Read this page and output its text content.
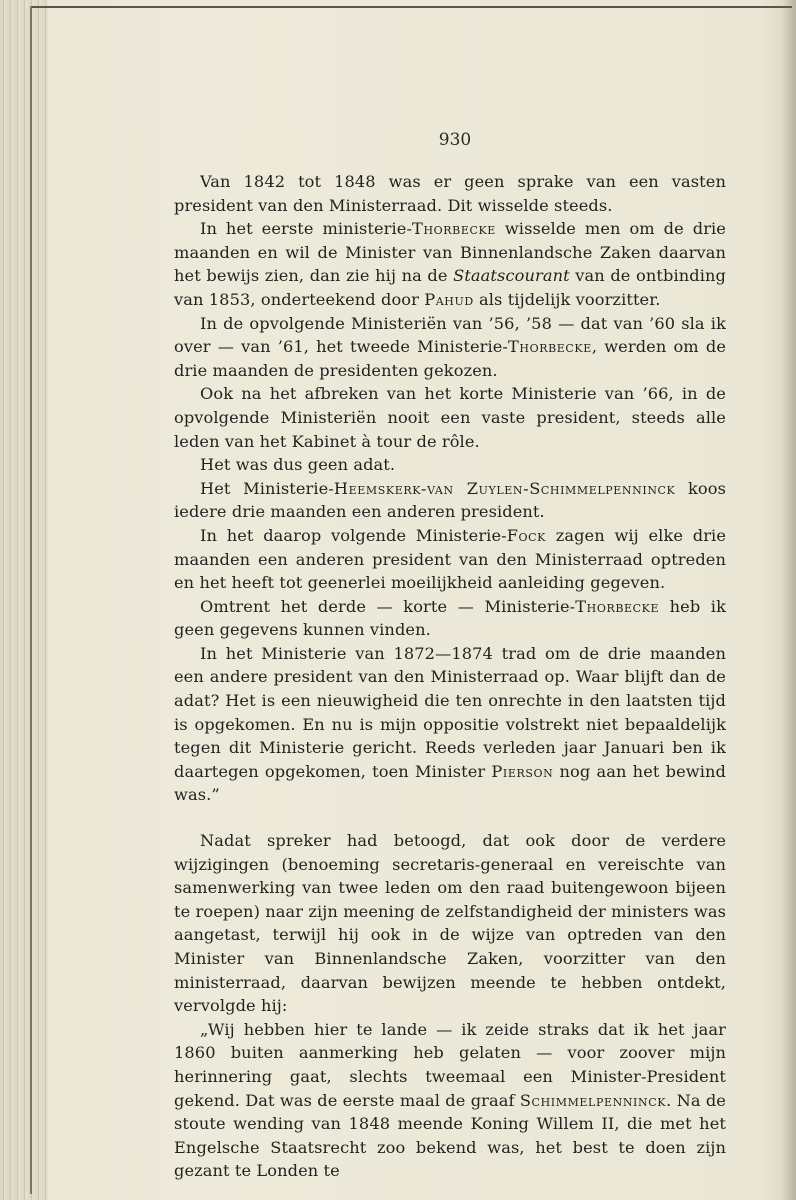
930

Van 1842 tot 1848 was er geen sprake van een vasten president van den Ministerraad. Dit wisselde steeds.

In het eerste ministerie-Thorbecke wisselde men om de drie maanden en wil de Minister van Binnenlandsche Zaken daarvan het bewijs zien, dan zie hij na de Staatscourant van de ontbinding van 1853, onderteekend door Pahud als tijdelijk voorzitter.

In de opvolgende Ministeriën van ’56, ’58 — dat van ’60 sla ik over — van ’61, het tweede Ministerie-Thorbecke, werden om de drie maanden de presidenten gekozen.

Ook na het afbreken van het korte Ministerie van ’66, in de opvolgende Ministeriën nooit een vaste president, steeds alle leden van het Kabinet à tour de rôle.

Het was dus geen adat.

Het Ministerie-Heemskerk-van Zuylen-Schimmelpenninck koos iedere drie maanden een anderen president.

In het daarop volgende Ministerie-Fock zagen wij elke drie maanden een anderen president van den Ministerraad optreden en het heeft tot geenerlei moeilijkheid aanleiding gegeven.

Omtrent het derde — korte — Ministerie-Thorbecke heb ik geen gegevens kunnen vinden.

In het Ministerie van 1872—1874 trad om de drie maanden een andere president van den Ministerraad op. Waar blijft dan de adat? Het is een nieuwigheid die ten onrechte in den laatsten tijd is opgekomen. En nu is mijn oppositie volstrekt niet bepaaldelijk tegen dit Ministerie gericht. Reeds verleden jaar Januari ben ik daartegen opgekomen, toen Minister Pierson nog aan het bewind was.”

Nadat spreker had betoogd, dat ook door de verdere wijzigingen (benoeming secretaris-generaal en vereischte van samenwerking van twee leden om den raad buitengewoon bijeen te roepen) naar zijn meening de zelfstandigheid der ministers was aangetast, terwijl hij ook in de wijze van optreden van den Minister van Binnenlandsche Zaken, voorzitter van den ministerraad, daarvan bewijzen meende te hebben ontdekt, vervolgde hij:

„Wij hebben hier te lande — ik zeide straks dat ik het jaar 1860 buiten aanmerking heb gelaten — voor zoover mijn herinnering gaat, slechts tweemaal een Minister-President gekend. Dat was de eerste maal de graaf Schimmelpenninck. Na de stoute wending van 1848 meende Koning Willem II, die met het Engelsche Staatsrecht zoo bekend was, het best te doen zijn gezant te Londen te
